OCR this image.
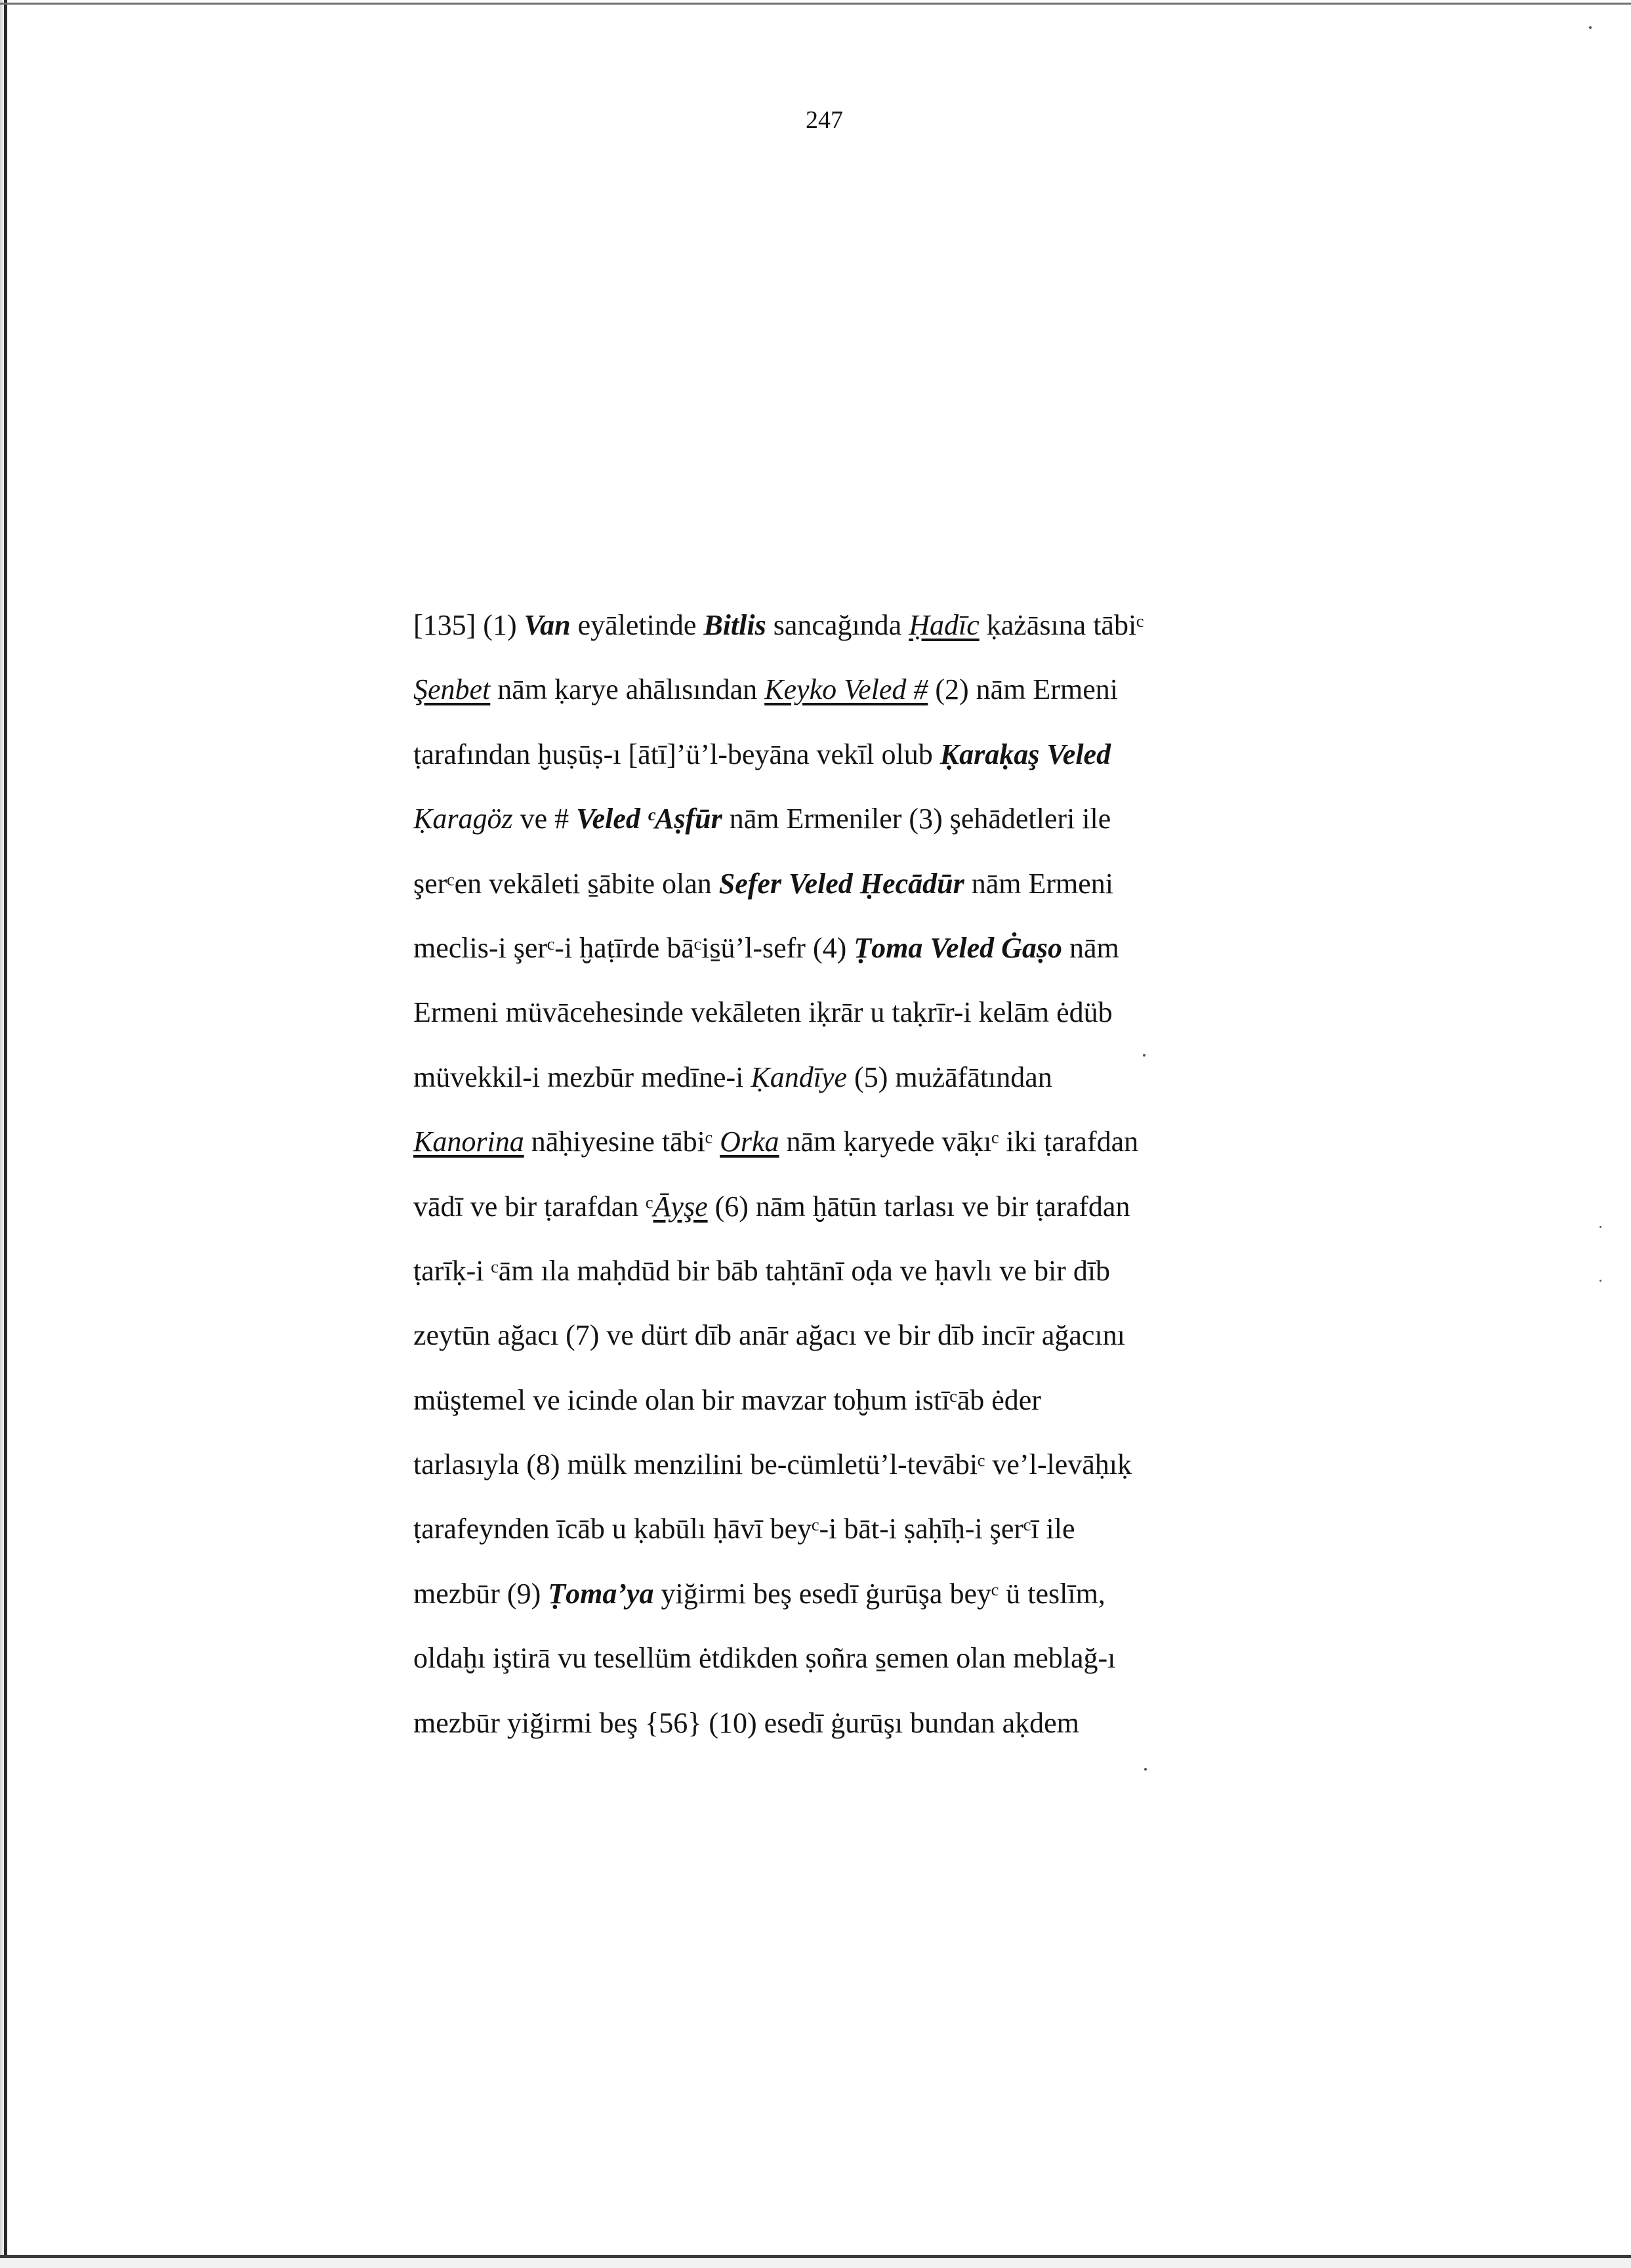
247
[135] (1) Van eyāletinde Bitlis sancağında Ḥadīc ḳażāsına tābiᶜ
Şenbet nām ḳarye ahālısından Keyko Veled # (2) nām Ermeni
ṭarafından ḫuṣūṣ-ı [ātī]’ü’l-beyāna vekīl olub Ḳaraḳaş Veled
Ḳaragöz ve # Veled ᶜAṣfūr nām Ermeniler (3) şehādetleri ile
şerᶜen vekāleti s̱ābite olan Sefer Veled Ḥecādūr nām Ermeni
meclis-i şerᶜ-i ḫaṭīrde bāᶜis̱ü’l-sefr (4) Ṭoma Veled Ġaṣo nām
Ermeni müvācehesinde vekāleten iḳrār u taḳrīr-i kelām ėdüb
müvekkil-i mezbūr medīne-i Ḳandīye (5) mużāfātından
Kanorina nāḥiyesine tābiᶜ Orka nām ḳaryede vāḳıᶜ iki ṭarafdan
vādī ve bir ṭarafdan ᶜĀyşe (6) nām ḫātūn tarlası ve bir ṭarafdan
ṭarīḳ-i ᶜām ıla maḥdūd bir bāb taḥtānī oḍa ve ḥavlı ve bir dīb
zeytūn ağacı (7) ve dürt dīb anār ağacı ve bir dīb incīr ağacını
müştemel ve icinde olan bir mavzar toḫum istīᶜāb ėder
tarlasıyla (8) mülk menzilini be-cümletü’l-tevābiᶜ ve’l-levāḥıḳ
ṭarafeynden īcāb u ḳabūlı ḥāvī beyᶜ-i bāt-i ṣaḥīḥ-i şerᶜī ile
mezbūr (9) Ṭoma’ya yiğirmi beş esedī ġurūşa beyᶜ ü teslīm,
oldaḫı iştirā vu tesellüm ėtdikden ṣoñra s̱emen olan meblağ-ı
mezbūr yiğirmi beş {56} (10) esedī ġurūşı bundan aḳdem
